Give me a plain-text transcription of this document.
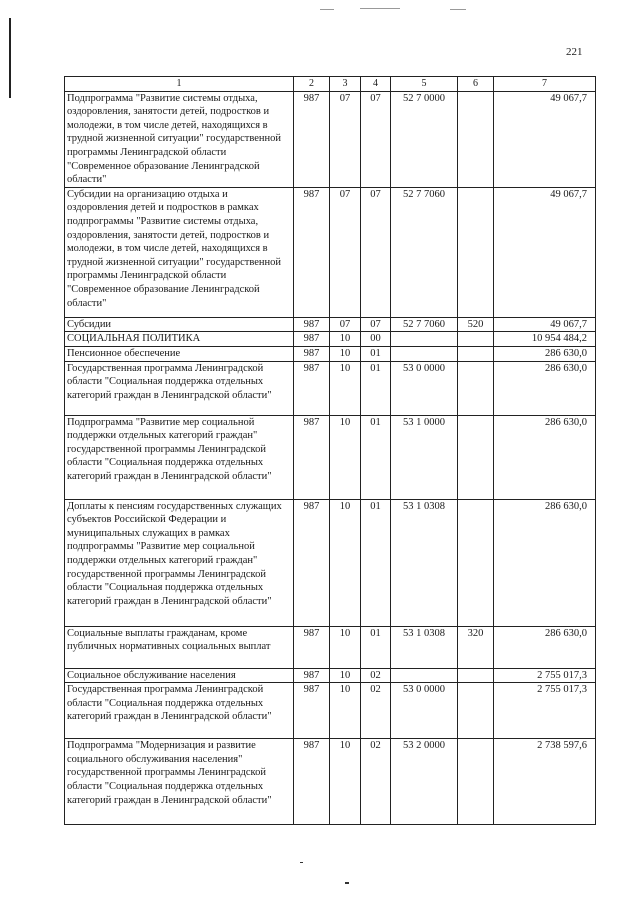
221
1	2	3	4	5	6	7
Подпрограмма "Развитие системы отдыха, оздоровления, занятости детей, подростков и молодежи, в том числе детей, находящихся в трудной жизненной ситуации" государственной программы Ленинградской области "Современное образование Ленинградской области"	987	07	07	52 7 0000		49 067,7
Субсидии на организацию отдыха и оздоровления детей и подростков в рамках подпрограммы "Развитие системы отдыха, оздоровления, занятости детей, подростков и молодежи, в том числе детей, находящихся в трудной жизненной ситуации" государственной программы Ленинградской области "Современное образование Ленинградской области"	987	07	07	52 7 7060		49 067,7
Субсидии	987	07	07	52 7 7060	520	49 067,7
СОЦИАЛЬНАЯ ПОЛИТИКА	987	10	00			10 954 484,2
Пенсионное обеспечение	987	10	01			286 630,0
Государственная программа Ленинградской области "Социальная поддержка отдельных категорий граждан в Ленинградской области"	987	10	01	53 0 0000		286 630,0
Подпрограмма "Развитие мер социальной поддержки отдельных категорий граждан" государственной программы Ленинградской области "Социальная поддержка отдельных категорий граждан в Ленинградской области"	987	10	01	53 1 0000		286 630,0
Доплаты к пенсиям государственных служащих субъектов Российской Федерации и муниципальных служащих в рамках подпрограммы "Развитие мер социальной поддержки отдельных категорий граждан" государственной программы Ленинградской области "Социальная поддержка отдельных категорий граждан в Ленинградской области"	987	10	01	53 1 0308		286 630,0
Социальные выплаты гражданам, кроме публичных нормативных социальных выплат	987	10	01	53 1 0308	320	286 630,0
Социальное обслуживание населения	987	10	02			2 755 017,3
Государственная программа Ленинградской области "Социальная поддержка отдельных категорий граждан в Ленинградской области"	987	10	02	53 0 0000		2 755 017,3
Подпрограмма "Модернизация и развитие социального обслуживания населения" государственной программы Ленинградской области "Социальная поддержка отдельных категорий граждан в Ленинградской области"	987	10	02	53 2 0000		2 738 597,6
